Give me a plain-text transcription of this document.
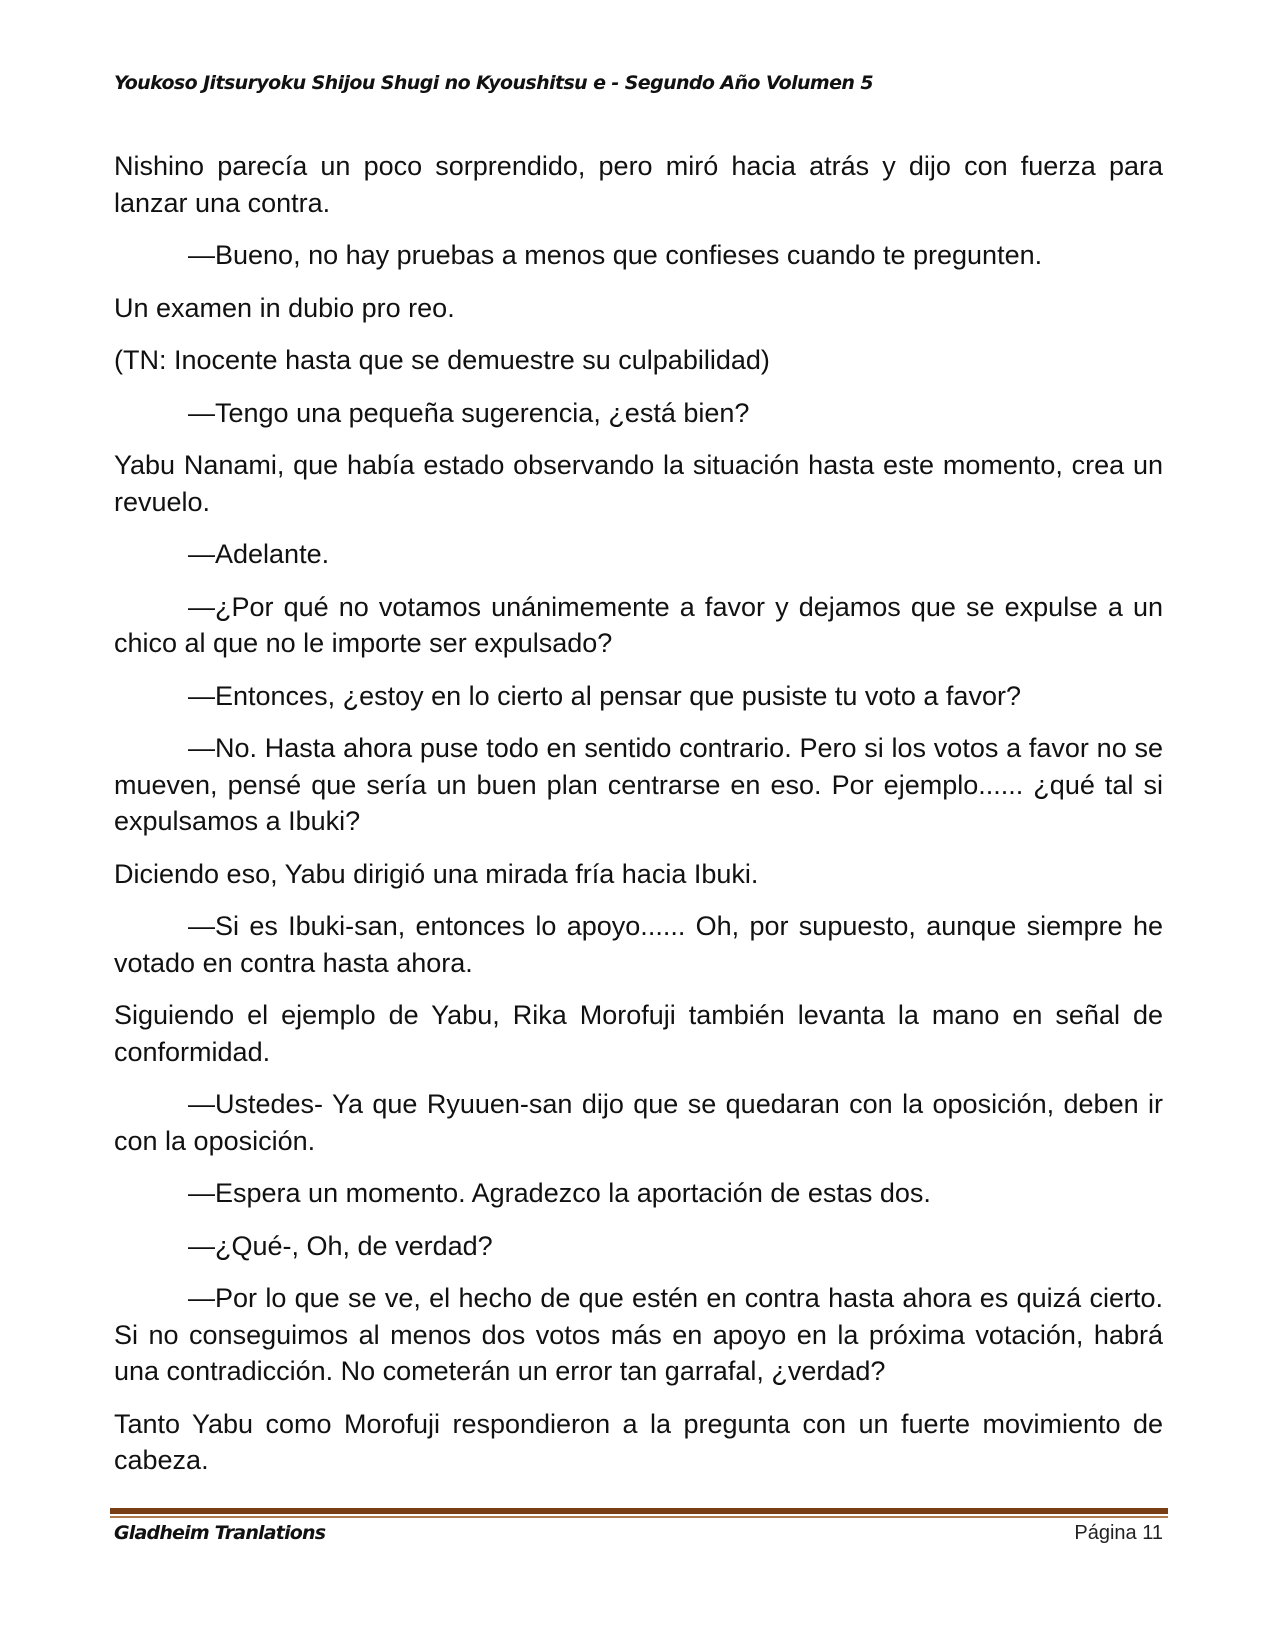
Youkoso Jitsuryoku Shijou Shugi no Kyoushitsu e - Segundo Año Volumen 5

Nishino parecía un poco sorprendido, pero miró hacia atrás y dijo con fuerza para lanzar una contra.

—Bueno, no hay pruebas a menos que confieses cuando te pregunten.

Un examen in dubio pro reo.

(TN: Inocente hasta que se demuestre su culpabilidad)

—Tengo una pequeña sugerencia, ¿está bien?

Yabu Nanami, que había estado observando la situación hasta este momento, crea un revuelo.

—Adelante.

—¿Por qué no votamos unánimemente a favor y dejamos que se expulse a un chico al que no le importe ser expulsado?

—Entonces, ¿estoy en lo cierto al pensar que pusiste tu voto a favor?

—No. Hasta ahora puse todo en sentido contrario. Pero si los votos a favor no se mueven, pensé que sería un buen plan centrarse en eso. Por ejemplo...... ¿qué tal si expulsamos a Ibuki?

Diciendo eso, Yabu dirigió una mirada fría hacia Ibuki.

—Si es Ibuki-san, entonces lo apoyo...... Oh, por supuesto, aunque siempre he votado en contra hasta ahora.

Siguiendo el ejemplo de Yabu, Rika Morofuji también levanta la mano en señal de conformidad.

—Ustedes- Ya que Ryuuen-san dijo que se quedaran con la oposición, deben ir con la oposición.

—Espera un momento. Agradezco la aportación de estas dos.

—¿Qué-, Oh, de verdad?

—Por lo que se ve, el hecho de que estén en contra hasta ahora es quizá cierto. Si no conseguimos al menos dos votos más en apoyo en la próxima votación, habrá una contradicción. No cometerán un error tan garrafal, ¿verdad?

Tanto Yabu como Morofuji respondieron a la pregunta con un fuerte movimiento de cabeza.

Gladheim Tranlations	Página 11
